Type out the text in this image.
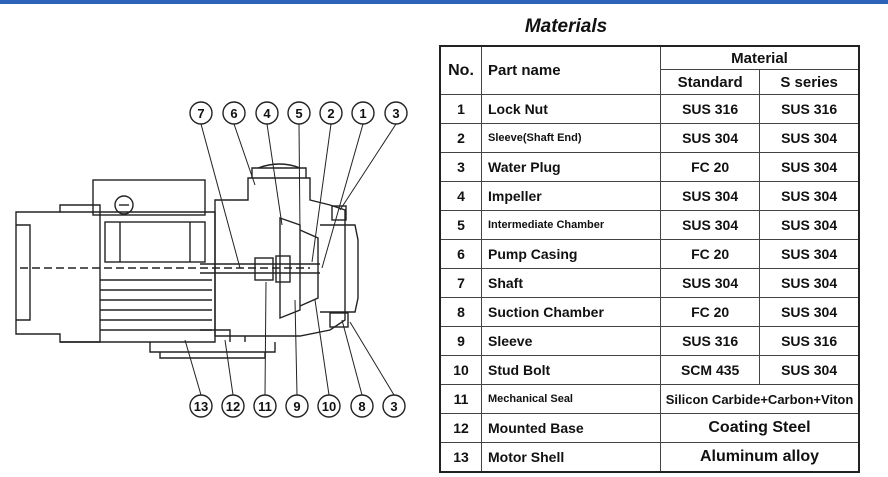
7 6 4 5 2 1 3
13 12 11 9 10 8 3
Materials
No.	Part name	Material	
		Standard	S series
1	Lock Nut	SUS 316	SUS 316
2	Sleeve(Shaft End)	SUS 304	SUS 304
3	Water Plug	FC 20	SUS 304
4	Impeller	SUS 304	SUS 304
5	Intermediate Chamber	SUS 304	SUS 304
6	Pump Casing	FC 20	SUS 304
7	Shaft	SUS 304	SUS 304
8	Suction Chamber	FC 20	SUS 304
9	Sleeve	SUS 316	SUS 316
10	Stud Bolt	SCM 435	SUS 304
11	Mechanical Seal	Silicon Carbide+Carbon+Viton	
12	Mounted Base	Coating Steel	
13	Motor Shell	Aluminum alloy	
